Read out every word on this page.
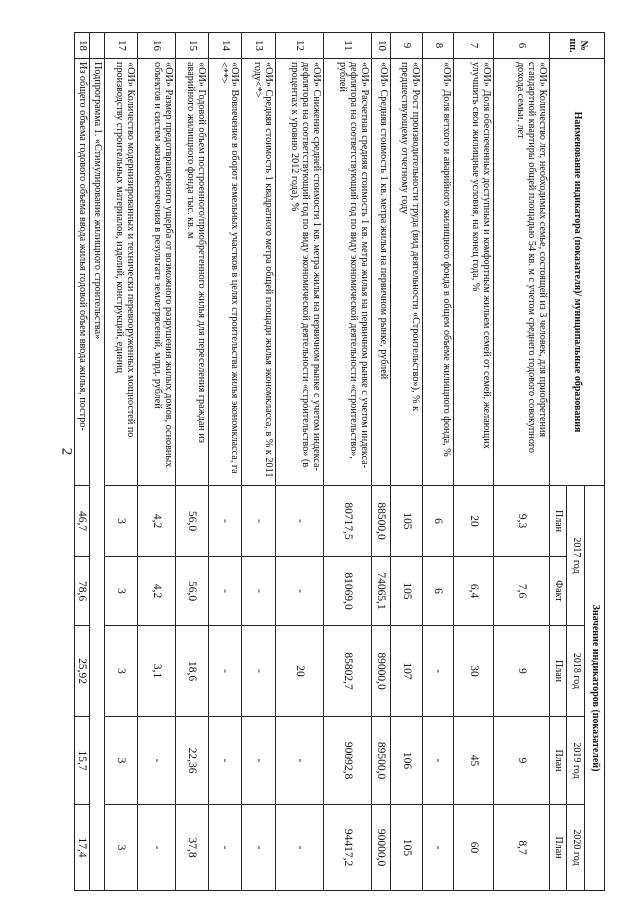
2
№ пп.	Наименование индикатора (показателя)/ муниципальные образования	Значение индикаторов (показателей)				
		2017 год		2018 год	2019 год	2020 год
		План	Факт	План	План	План
6	«ОИ» Количество лет, необходимых семье, состоящей из 3 человек, для приобретения стандартной квартиры общей площадью 54 кв. м с учетом среднего годового совокупного дохода семьи, лет	9,3	7,6	9	9	8,7
7	«ОИ» Доля обеспеченных доступным и комфортным жильем семей от семей, желающих улучшить свои жилищные условия, на конец года, %	20	6,4	30	45	60
8	«ОИ» Доля ветхого и аварийного жилищного фонда в общем объеме жилищного фонда, %	6	6	-	-	-
9	«ОИ» Рост производительности труда (вид деятельности «Строительство»), % к предшествующему отчетному году	105	105	107	106	105
10	«ОИ» Средняя стоимость 1 кв. метра жилья на первичном рынке, рублей	88500,0	74065,1	89000,0	89500,0	90000,0
11	«ОИ» Расчетная средняя стоимость 1 кв. метра жилья на первичном рынке с учетом индекса-дефлятора на соответствующий год по виду экономической деятельности «строительство», рублей	80717,5	81069,0	85802,7	90092,8	94417,2
12	«ОИ» Снижение средней стоимости 1 кв. метра жилья на первичном рынке с учетом индекса-дефлятора на соответствующий год по виду экономической деятельности «строительство» (в процентах к уровню 2012 года), %	-	-	20	-	-
13	«ОИ» Средняя стоимость 1 квадратного метра общей площади жилья экономкласса, в % к 2011 году<*>	-	-	-	-	-
14	«ОИ» Вовлечение в оборот земельных участков в целях строительства жилья экономкласса, га <**>	-	-	-	-	-
15	«ОИ» Годовой объем построенного/приобретенного жилья для переселения граждан из аварийного жилищного фонда тыс. кв. м	56,0	56,0	18,6	22,36	37,8
16	«ОИ» Размер предотвращенного ущерба от возможного разрушения жилых домов, основных объектов и систем жизнеобеспечения в результате землетрясений, млрд. рублей	4,2	4,2	3,1	-	-
17	«ОИ» Количество модернизированных и технически перевооруженных мощностей по производству строительных материалов, изделий, конструкций, единиц	3	3	3	3	3
	Подпрограмма 1. «Стимулирование жилищного строительства»					
18	Из общего объема годового объема ввода жилья годовой объем ввода жилья, постро-	46,7	78,6	25,92	15,7	17,4
